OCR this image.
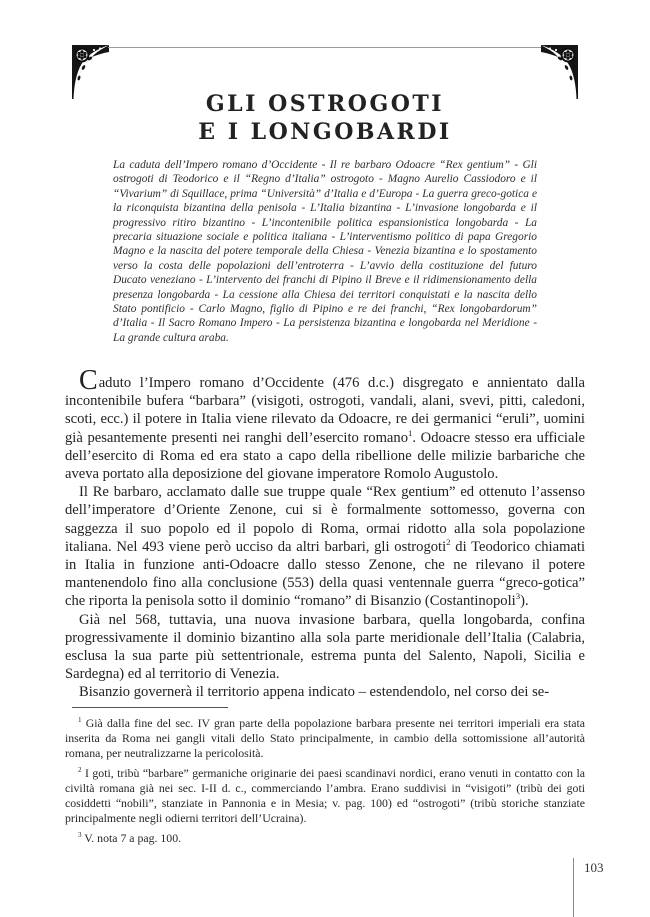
GLI OSTROGOTI
E I LONGOBARDI
La caduta dell’Impero romano d’Occidente - Il re barbaro Odoacre “Rex gentium” - Gli ostrogoti di Teodorico e il “Regno d’Italia” ostrogoto - Magno Aurelio Cassiodoro e il “Vivarium” di Squillace, prima “Università” d’Italia e d’Europa - La guerra greco-gotica e la riconquista bizantina della penisola - L’Italia bizantina - L’invasione longobarda e il progressivo ritiro bizantino - L’incontenibile politica espansionistica longobarda - La precaria situazione sociale e politica italiana - L’interventismo politico di papa Gregorio Magno e la nascita del potere temporale della Chiesa - Venezia bizantina e lo spostamento verso la costa delle popolazioni dell’entroterra - L’avvio della costituzione del futuro Ducato veneziano - L’intervento dei franchi di Pipino il Breve e il ridimensionamento della presenza longobarda - La cessione alla Chiesa dei territori conquistati e la nascita dello Stato pontificio - Carlo Magno, figlio di Pipino e re dei franchi, “Rex longobardorum” d’Italia - Il Sacro Romano Impero - La persistenza bizantina e longobarda nel Meridione - La grande cultura araba.

Caduto l’Impero romano d’Occidente (476 d.c.) disgregato e annientato dalla incontenibile bufera “barbara” (visigoti, ostrogoti, vandali, alani, svevi, pitti, caledoni, scoti, ecc.) il potere in Italia viene rilevato da Odoacre, re dei germanici “eruli”, uomini già pesantemente presenti nei ranghi dell’esercito romano$^1$. Odoacre stesso era ufficiale dell’esercito di Roma ed era stato a capo della ribellione delle milizie barbariche che aveva portato alla deposizione del giovane imperatore Romolo Augustolo.

Il Re barbaro, acclamato dalle sue truppe quale “Rex gentium” ed ottenuto l’assenso dell’imperatore d’Oriente Zenone, cui si è formalmente sottomesso, governa con saggezza il suo popolo ed il popolo di Roma, ormai ridotto alla sola popolazione italiana. Nel 493 viene però ucciso da altri barbari, gli ostrogoti$^2$ di Teodorico chiamati in Italia in funzione anti-Odoacre dallo stesso Zenone, che ne rilevano il potere mantenendolo fino alla conclusione (553) della quasi ventennale guerra “greco-gotica” che riporta la penisola sotto il dominio “romano” di Bisanzio (Costantinopoli$^3$).

Già nel 568, tuttavia, una nuova invasione barbara, quella longobarda, confina progressivamente il dominio bizantino alla sola parte meridionale dell’Italia (Calabria, esclusa la sua parte più settentrionale, estrema punta del Salento, Napoli, Sicilia e Sardegna) ed al territorio di Venezia.

Bisanzio governerà il territorio appena indicato – estendendolo, nel corso dei se-

$^1$ Già dalla fine del sec. IV gran parte della popolazione barbara presente nei territori imperiali era stata inserita da Roma nei gangli vitali dello Stato principalmente, in cambio della sottomissione all’autorità romana, per neutralizzarne la pericolosità.

$^2$ I goti, tribù “barbare” germaniche originarie dei paesi scandinavi nordici, erano venuti in contatto con la civiltà romana già nei sec. I-II d. c., commerciando l’ambra. Erano suddivisi in “visigoti” (tribù dei goti cosiddetti “nobili”, stanziate in Pannonia e in Mesia; v. pag. 100) ed “ostrogoti” (tribù storiche stanziate principalmente negli odierni territori dell’Ucraina).

$^3$ V. nota 7 a pag. 100.

103
